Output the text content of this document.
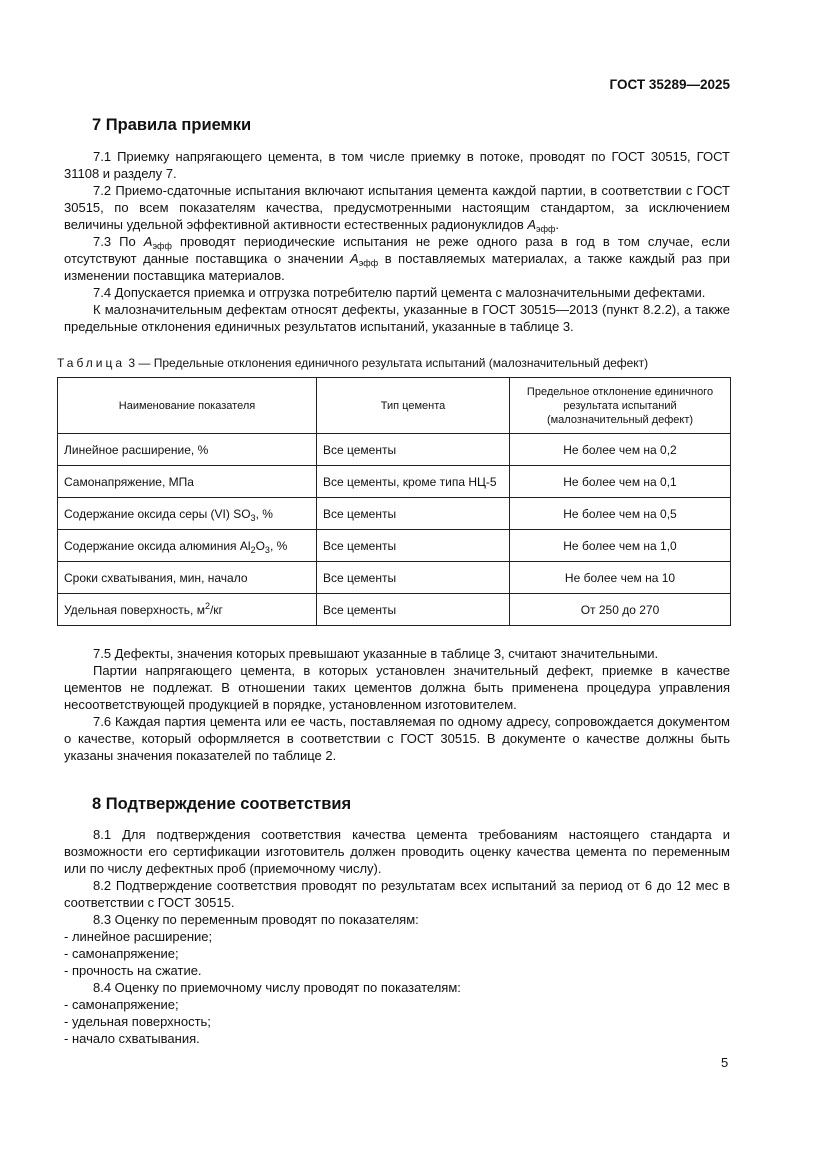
ГОСТ 35289—2025
7 Правила приемки

7.1 Приемку напрягающего цемента, в том числе приемку в потоке, проводят по ГОСТ 30515, ГОСТ 31108 и разделу 7.

7.2 Приемо-сдаточные испытания включают испытания цемента каждой партии, в соответствии с ГОСТ 30515, по всем показателям качества, предусмотренными настоящим стандартом, за исключением величины удельной эффективной активности естественных радионуклидов $A_{эфф}$.

7.3 По $A_{эфф}$ проводят периодические испытания не реже одного раза в год в том случае, если отсутствуют данные поставщика о значении $A_{эфф}$ в поставляемых материалах, а также каждый раз при изменении поставщика материалов.

7.4 Допускается приемка и отгрузка потребителю партий цемента с малозначительными дефектами.

К малозначительным дефектам относят дефекты, указанные в ГОСТ 30515—2013 (пункт 8.2.2), а также предельные отклонения единичных результатов испытаний, указанные в таблице 3.

Таблица 3 — Предельные отклонения единичного результата испытаний (малозначительный дефект)
Наименование показателя	Тип цемента	Предельное отклонение единичного результата испытаний (малозначительный дефект)
Линейное расширение, %	Все цементы	Не более чем на 0,2
Самонапряжение, МПа	Все цементы, кроме типа НЦ-5	Не более чем на 0,1
Содержание оксида серы (VI) $SO_3$, %	Все цементы	Не более чем на 0,5
Содержание оксида алюминия $Al_2O_3$, %	Все цементы	Не более чем на 1,0
Сроки схватывания, мин, начало	Все цементы	Не более чем на 10
Удельная поверхность, $м^2/кг$	Все цементы	От 250 до 270

7.5 Дефекты, значения которых превышают указанные в таблице 3, считают значительными.

Партии напрягающего цемента, в которых установлен значительный дефект, приемке в качестве цементов не подлежат. В отношении таких цементов должна быть применена процедура управления несоответствующей продукцией в порядке, установленном изготовителем.

7.6 Каждая партия цемента или ее часть, поставляемая по одному адресу, сопровождается документом о качестве, который оформляется в соответствии с ГОСТ 30515. В документе о качестве должны быть указаны значения показателей по таблице 2.

8 Подтверждение соответствия

8.1 Для подтверждения соответствия качества цемента требованиям настоящего стандарта и возможности его сертификации изготовитель должен проводить оценку качества цемента по переменным или по числу дефектных проб (приемочному числу).

8.2 Подтверждение соответствия проводят по результатам всех испытаний за период от 6 до 12 мес в соответствии с ГОСТ 30515.

8.3 Оценку по переменным проводят по показателям:

- линейное расширение;
- самонапряжение;
- прочность на сжатие.

8.4 Оценку по приемочному числу проводят по показателям:

- самонапряжение;
- удельная поверхность;
- начало схватывания.
5
